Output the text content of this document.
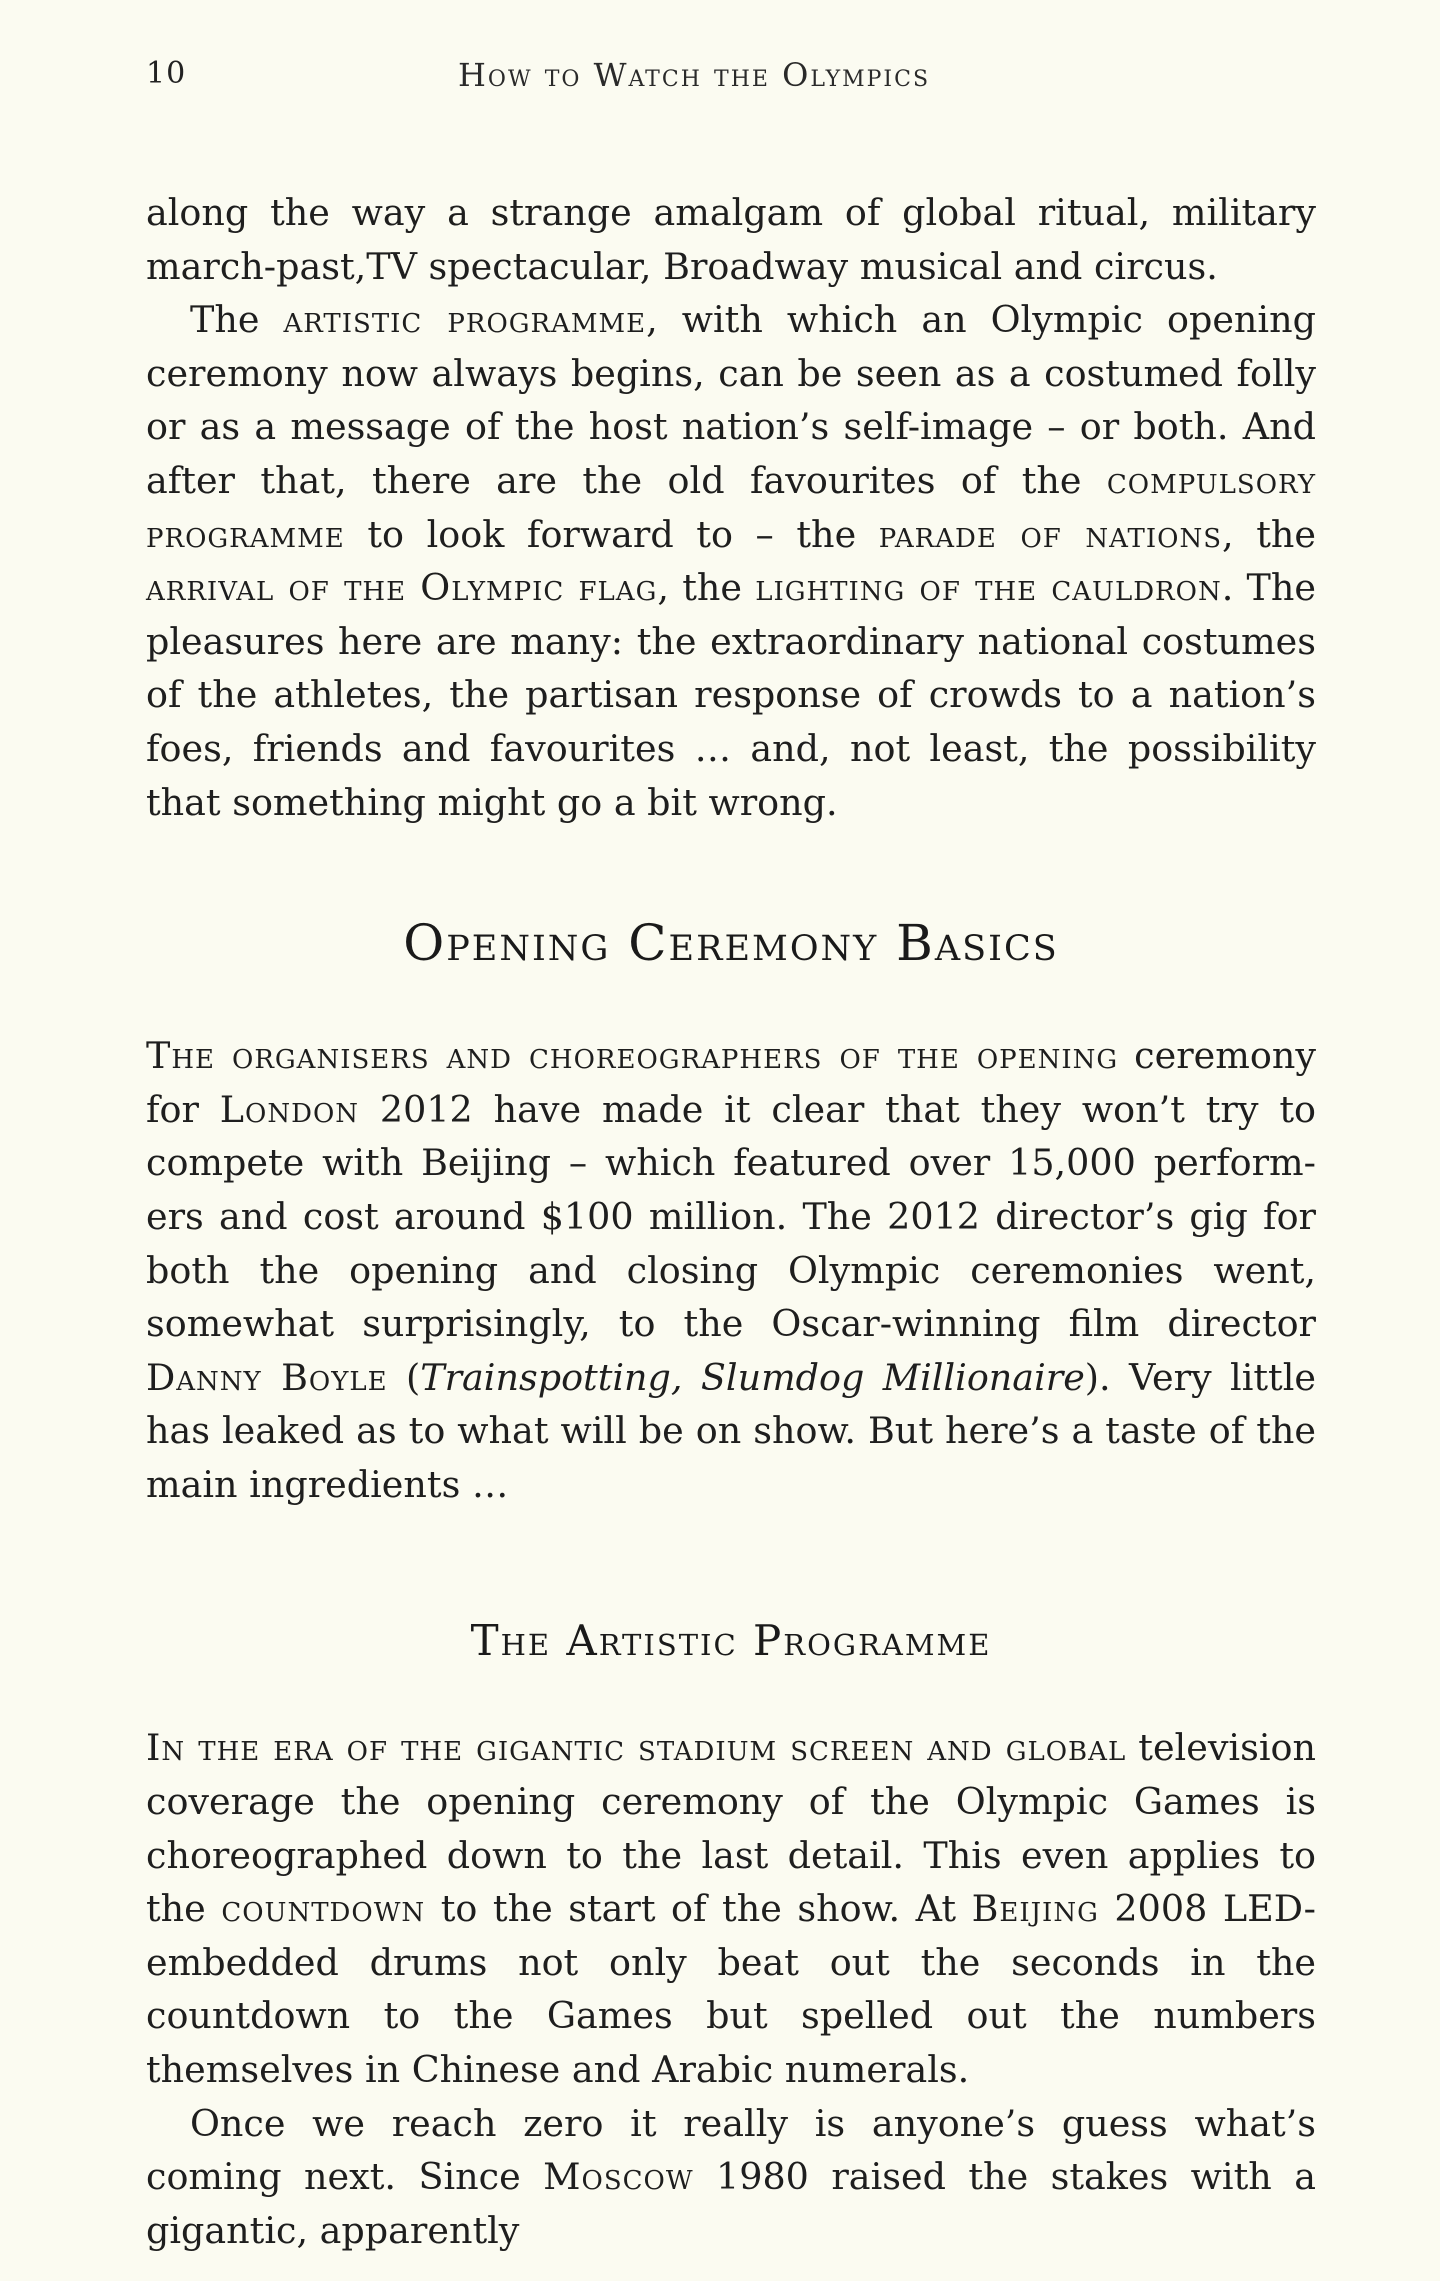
10	How to Watch the Olympics

along the way a strange amalgam of global ritual, military march-past,TV spectacular, Broadway musical and circus.

The artistic programme, with which an Olympic opening ceremony now always begins, can be seen as a costumed folly or as a message of the host nation’s self-image – or both. And after that, there are the old favourites of the compulsory programme to look forward to – the parade of nations, the arrival of the Olympic flag, the lighting of the cauldron. The pleasures here are many: the extraordinary national costumes of the athletes, the partisan response of crowds to a nation’s foes, friends and favourites … and, not least, the possibility that something might go a bit wrong.

Opening Ceremony Basics

The organisers and choreographers of the opening ceremony for London 2012 have made it clear that they won’t try to compete with Beijing – which featured over 15,000 perform-ers and cost around $100 million. The 2012 director’s gig for both the opening and closing Olympic ceremonies went, somewhat surprisingly, to the Oscar-winning film director Danny Boyle (Trainspotting, Slumdog Millionaire). Very little has leaked as to what will be on show. But here’s a taste of the main ingredients …

The Artistic Programme

In the era of the gigantic stadium screen and global television coverage the opening ceremony of the Olympic Games is choreographed down to the last detail. This even applies to the countdown to the start of the show. At Beijing 2008 LED-embedded drums not only beat out the seconds in the countdown to the Games but spelled out the numbers themselves in Chinese and Arabic numerals.

Once we reach zero it really is anyone’s guess what’s coming next. Since Moscow 1980 raised the stakes with a gigantic, apparently
